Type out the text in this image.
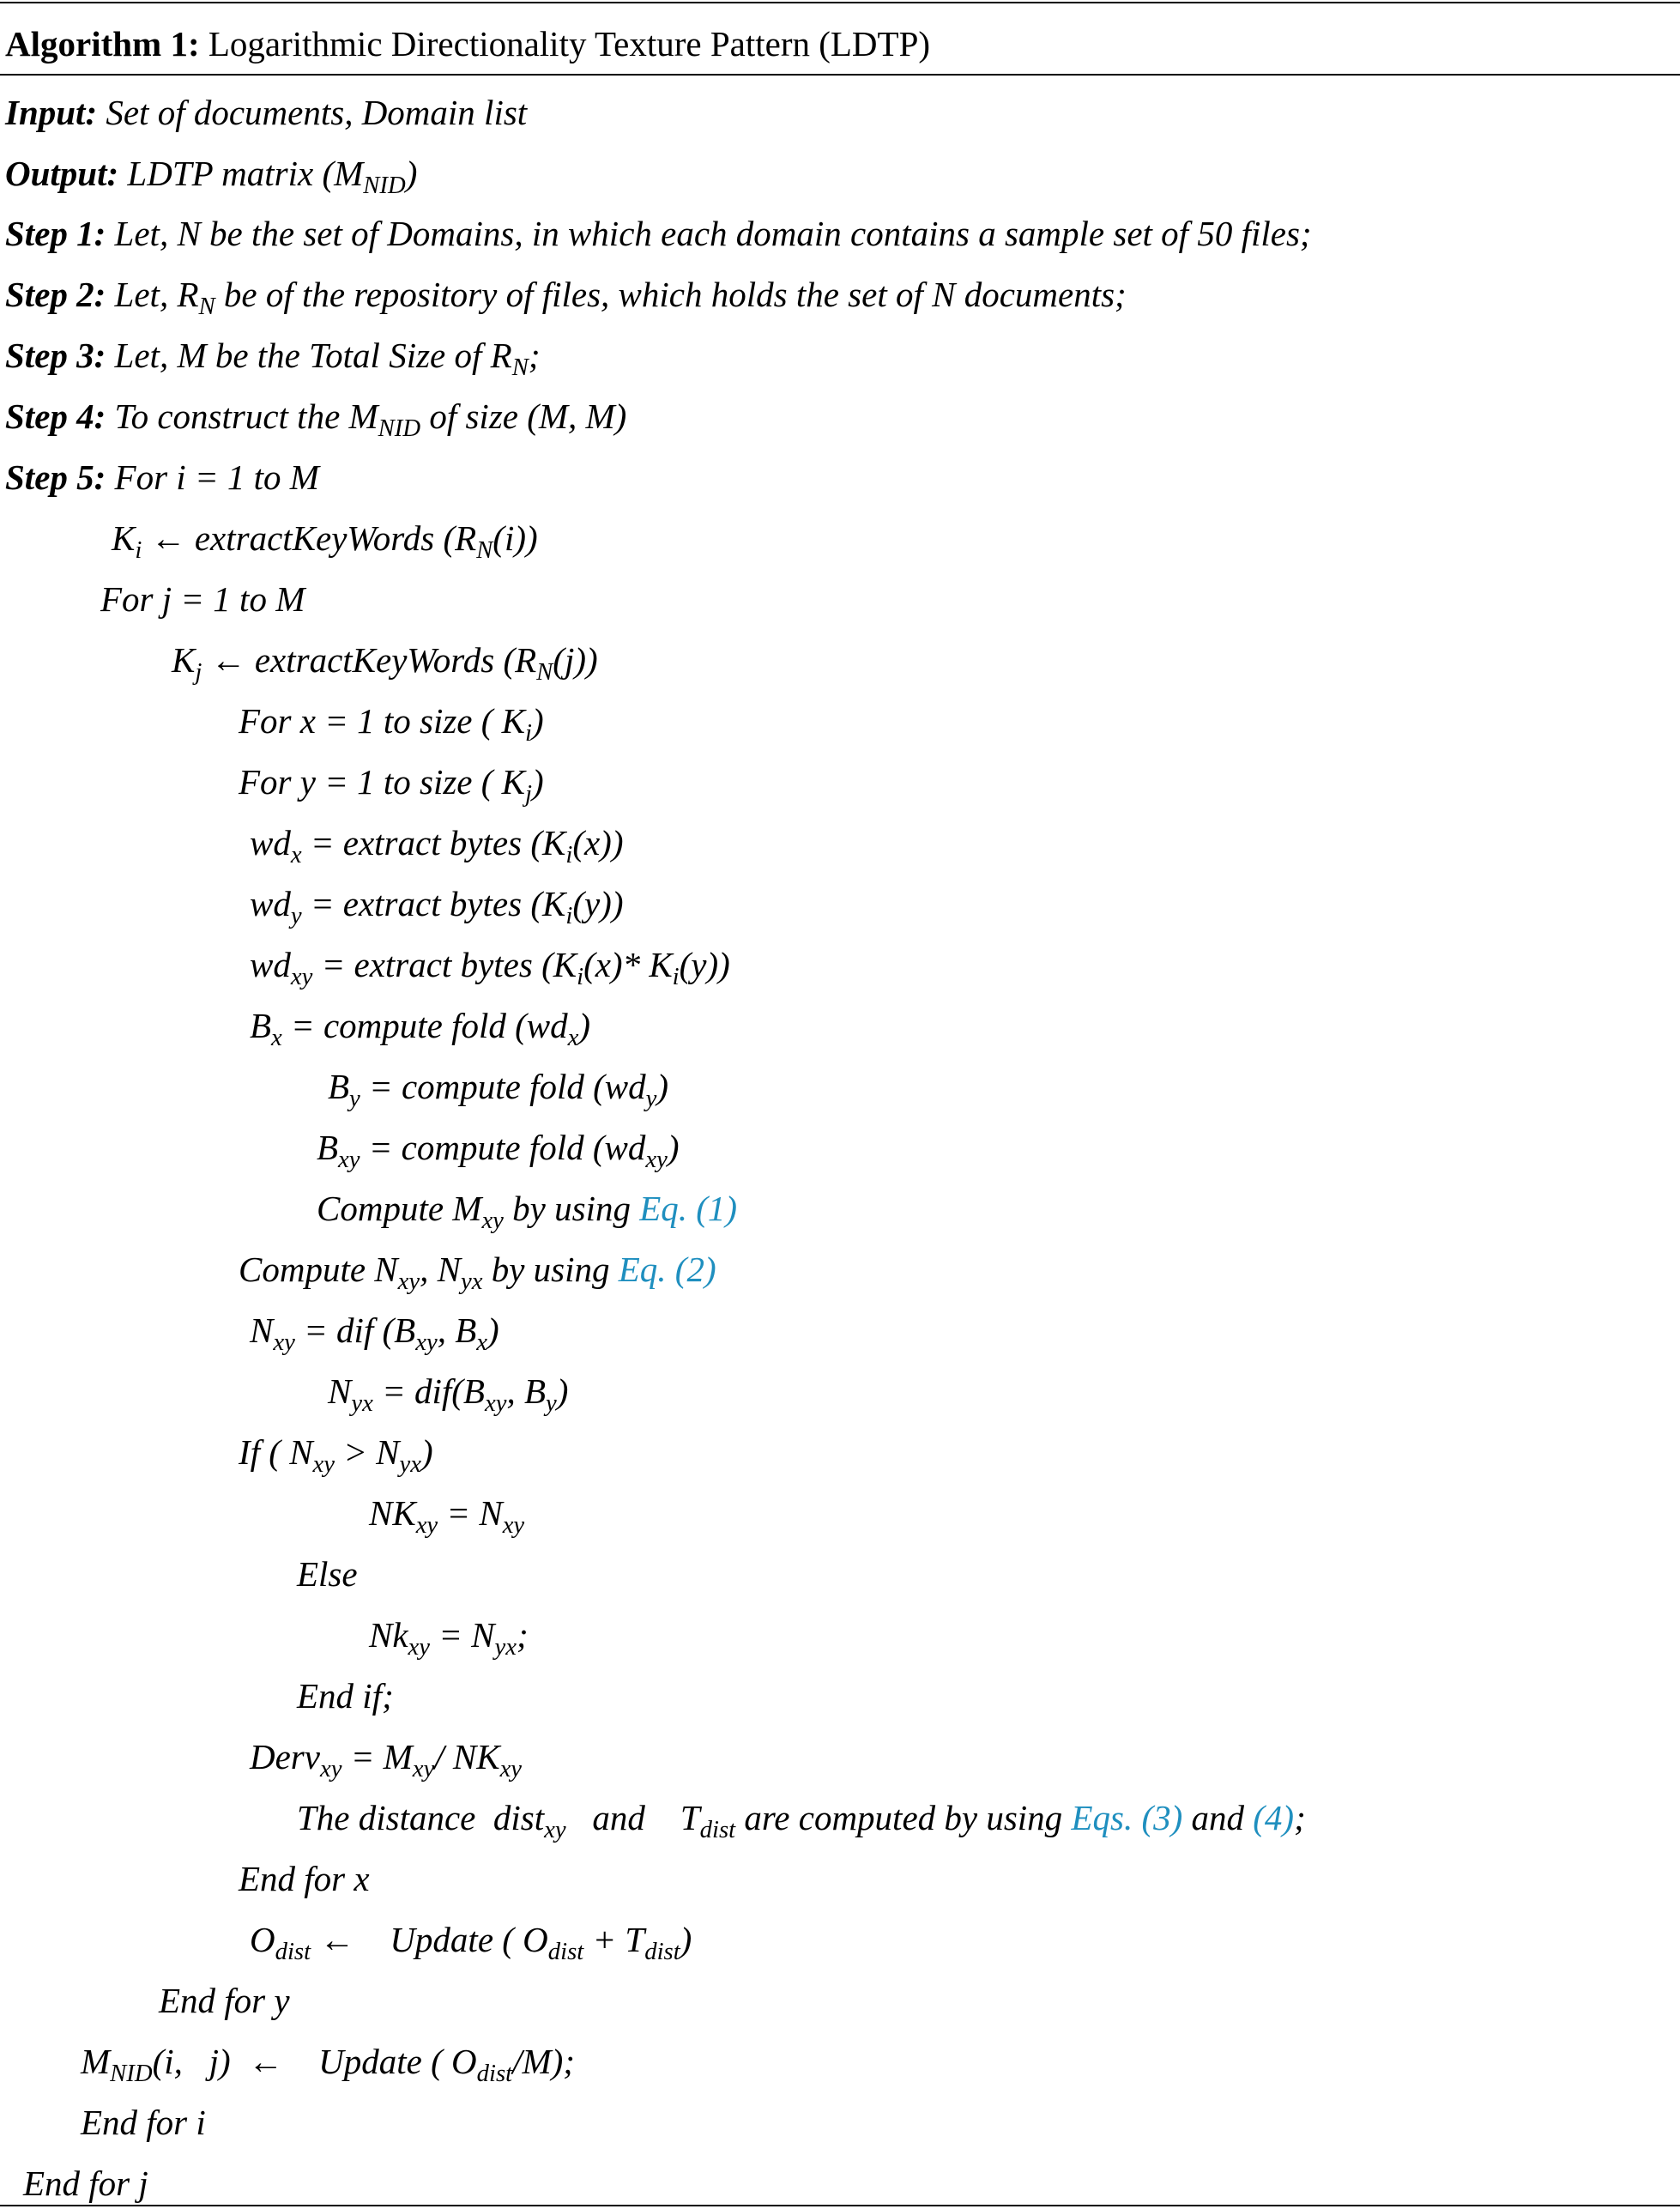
Algorithm 1: Logarithmic Directionality Texture Pattern (LDTP)
Input: Set of documents, Domain list
Output: LDTP matrix $(M_{NID})$
Step 1: Let, N be the set of Domains, in which each domain contains a sample set of 50 files;
Step 2: Let, $R_N$ be of the repository of files, which holds the set of N documents;
Step 3: Let, M be the Total Size of $R_N$;
Step 4: To construct the $M_{NID}$ of size (M, M)
Step 5: For i = 1 to M
$K_i$ ← extractKeyWords $(R_N(i))$
For j = 1 to M
$K_j$ ← extractKeyWords $(R_N(j))$
For x = 1 to size ( $K_i$)
For y = 1 to size ( $K_j$)
$wd_x$ = extract bytes $(K_i(x))$
$wd_y$ = extract bytes $(K_i(y))$
$wd_{xy}$ = extract bytes ($K_i(x)*$ $K_i(y)$)
$B_x$ = compute fold $(wd_x)$
$B_y$ = compute fold $(wd_y)$
$B_{xy}$ = compute fold $(wd_{xy})$
Compute $M_{xy}$ by using Eq. (1)
Compute $N_{xy}$, $N_{yx}$ by using Eq. (2)
$N_{xy}$ = dif ($B_{xy}$, $B_x$)
$N_{yx} = dif(B_{xy}$, $B_y$)
If ( $N_{xy} > N_{yx}$)
$NK_{xy} = N_{xy}$
Else
$Nk_{xy} = N_{yx}$;
End if;
Derv$_{xy}$ = $M_{xy}/$ $NK_{xy}$
The distance  dist$_{xy}$   and    $T_{dist}$ are computed by using Eqs. (3) and (4);
End for x
$O_{dist}$ ←    Update ( $O_{dist} + T_{dist}$)
End for y
$M_{NID}(i$,   j)  ←    Update ( $O_{dist}/M$);
End for i
End for j
